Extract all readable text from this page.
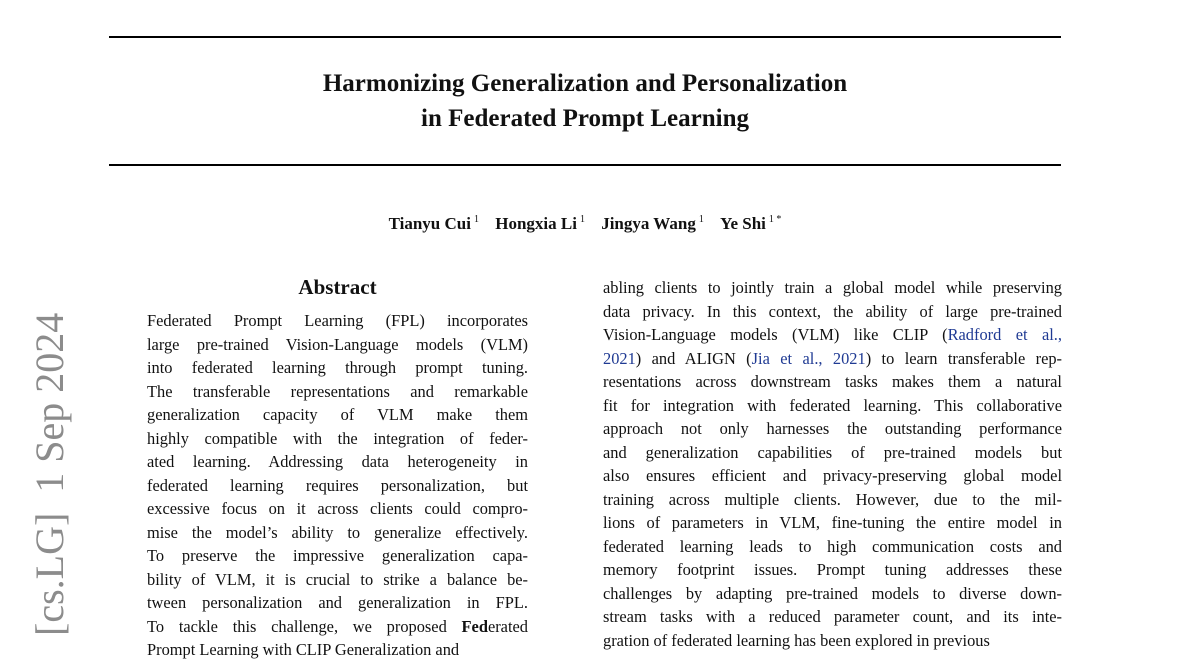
Harmonizing Generalization and Personalization
in Federated Prompt Learning
Tianyu Cui $^1$ Hongxia Li $^1$ Jingya Wang $^1$ Ye Shi $^{1 *}$
[cs.LG]  1 Sep 2024
Abstract
Federated Prompt Learning (FPL) incorporates
large pre-trained Vision-Language models (VLM)
into federated learning through prompt tuning.
The transferable representations and remarkable
generalization capacity of VLM make them
highly compatible with the integration of feder-
ated learning. Addressing data heterogeneity in
federated learning requires personalization, but
excessive focus on it across clients could compro-
mise the model’s ability to generalize effectively.
To preserve the impressive generalization capa-
bility of VLM, it is crucial to strike a balance be-
tween personalization and generalization in FPL.
To tackle this challenge, we proposed Federated
Prompt Learning with CLIP Generalization and
abling clients to jointly train a global model while preserving
data privacy. In this context, the ability of large pre-trained
Vision-Language models (VLM) like CLIP (Radford et al.,
2021) and ALIGN (Jia et al., 2021) to learn transferable rep-
resentations across downstream tasks makes them a natural
fit for integration with federated learning. This collaborative
approach not only harnesses the outstanding performance
and generalization capabilities of pre-trained models but
also ensures efficient and privacy-preserving global model
training across multiple clients. However, due to the mil-
lions of parameters in VLM, fine-tuning the entire model in
federated learning leads to high communication costs and
memory footprint issues. Prompt tuning addresses these
challenges by adapting pre-trained models to diverse down-
stream tasks with a reduced parameter count, and its inte-
gration of federated learning has been explored in previous
